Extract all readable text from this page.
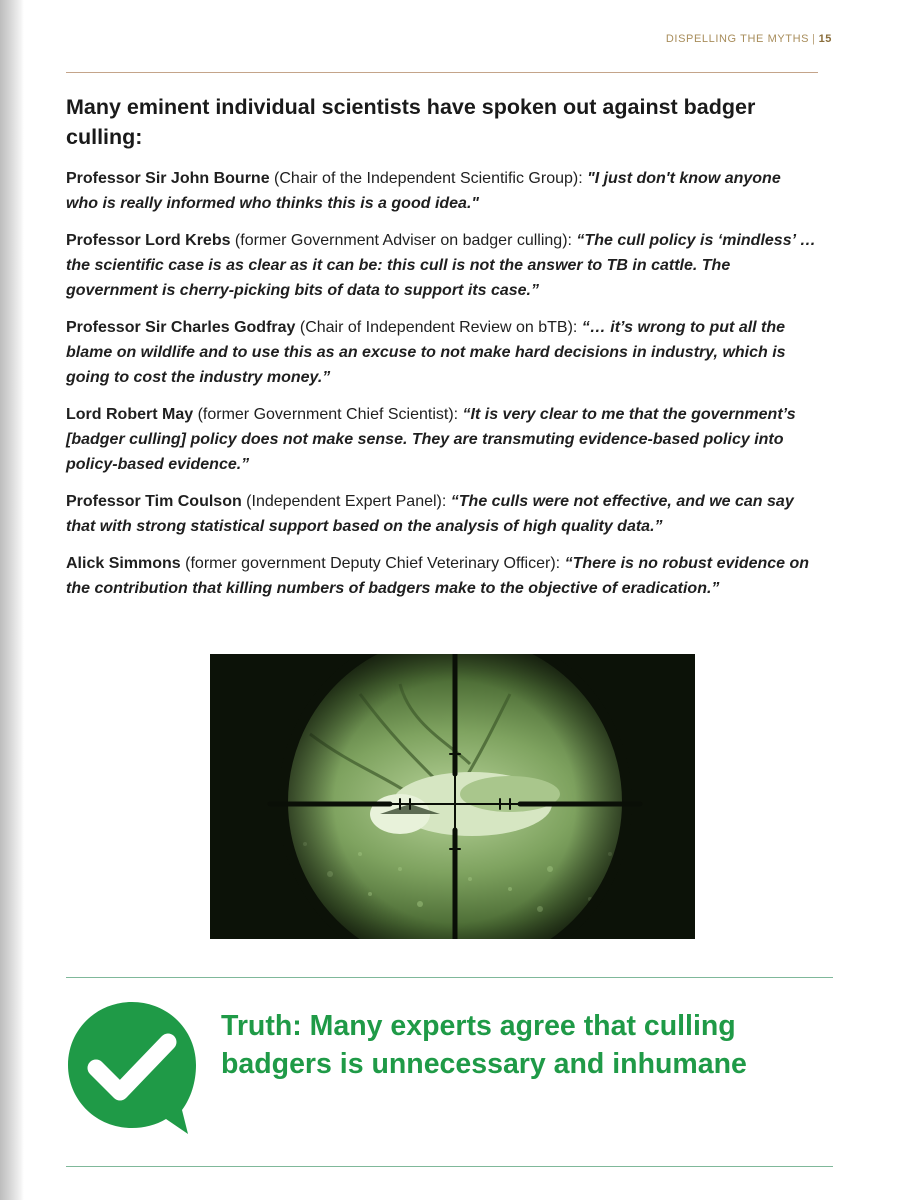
DISPELLING THE MYTHS | 15
Many eminent individual scientists have spoken out against badger culling:

Professor Sir John Bourne (Chair of the Independent Scientific Group): "I just don't know anyone who is really informed who thinks this is a good idea."

Professor Lord Krebs (former Government Adviser on badger culling): “The cull policy is ‘mindless’ … the scientific case is as clear as it can be: this cull is not the answer to TB in cattle. The government is cherry-picking bits of data to support its case.”

Professor Sir Charles Godfray (Chair of Independent Review on bTB): “… it’s wrong to put all the blame on wildlife and to use this as an excuse to not make hard decisions in industry, which is going to cost the industry money.”

Lord Robert May (former Government Chief Scientist): “It is very clear to me that the government’s [badger culling] policy does not make sense. They are transmuting evidence-based policy into policy-based evidence.”

Professor Tim Coulson (Independent Expert Panel): “The culls were not effective, and we can say that with strong statistical support based on the analysis of high quality data.”

Alick Simmons (former government Deputy Chief Veterinary Officer): “There is no robust evidence on the contribution that killing numbers of badgers make to the objective of eradication.”

Truth: Many experts agree that culling badgers is unnecessary and inhumane
